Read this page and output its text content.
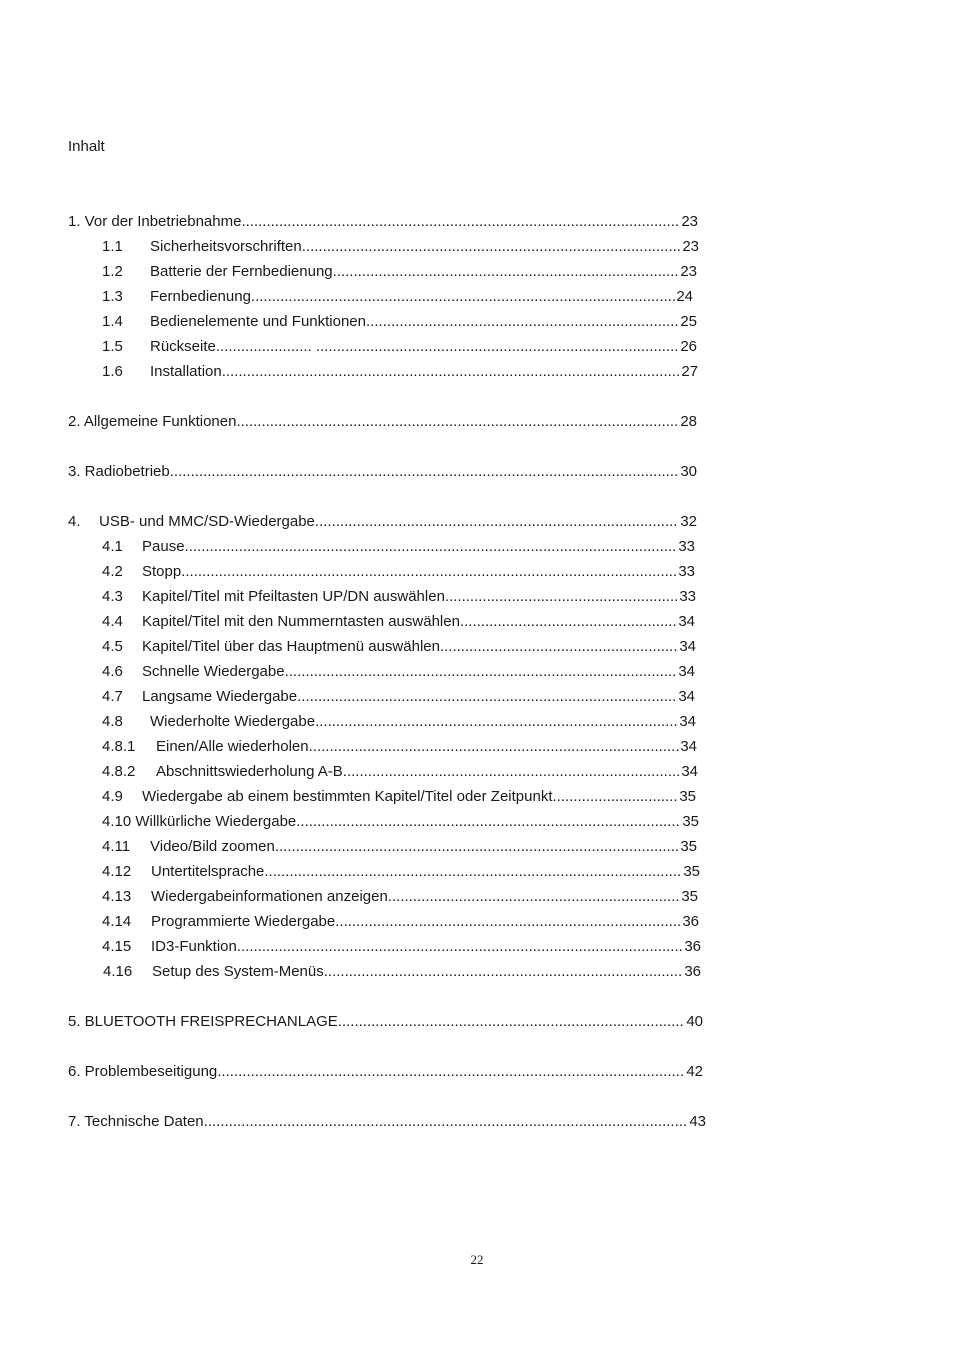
Inhalt
1. Vor der Inbetriebnahme......................................................................................................... 23
1.1 Sicherheitsvorschriften........................................................................................... 23
1.2 Batterie der Fernbedienung................................................................................... 23
1.3 Fernbedienung...................................................................................................... 24
1.4 Bedienelemente und Funktionen........................................................................... 25
1.5 Rückseite....................... ....................................................................................... 26
1.6 Installation.............................................................................................................. 27
2. Allgemeine Funktionen.......................................................................................................... 28
3. Radiobetrieb.......................................................................................................................... 30
4. USB- und MMC/SD-Wiedergabe....................................................................................... 32
4.1 Pause...................................................................................................................... 33
4.2 Stopp....................................................................................................................... 33
4.3 Kapitel/Titel mit Pfeiltasten UP/DN auswählen........................................................ 33
4.4 Kapitel/Titel mit den Nummerntasten auswählen.................................................... 34
4.5 Kapitel/Titel über das Hauptmenü auswählen......................................................... 34
4.6 Schnelle Wiedergabe.............................................................................................. 34
4.7 Langsame Wiedergabe........................................................................................... 34
4.8 Wiederholte Wiedergabe....................................................................................... 34
4.8.1 Einen/Alle wiederholen......................................................................................... 34
4.8.2 Abschnittswiederholung A-B................................................................................. 34
4.9 Wiedergabe ab einem bestimmten Kapitel/Titel oder Zeitpunkt.............................. 35
4.10 Willkürliche Wiedergabe............................................................................................ 35
4.11 Video/Bild zoomen................................................................................................. 35
4.12 Untertitelsprache.................................................................................................... 35
4.13 Wiedergabeinformationen anzeigen...................................................................... 35
4.14 Programmierte Wiedergabe................................................................................... 36
4.15 ID3-Funktion........................................................................................................... 36
4.16 Setup des System-Menüs...................................................................................... 36
5. BLUETOOTH FREISPRECHANLAGE................................................................................... 40
6. Problembeseitigung................................................................................................................ 42
7. Technische Daten.................................................................................................................... 43
22
